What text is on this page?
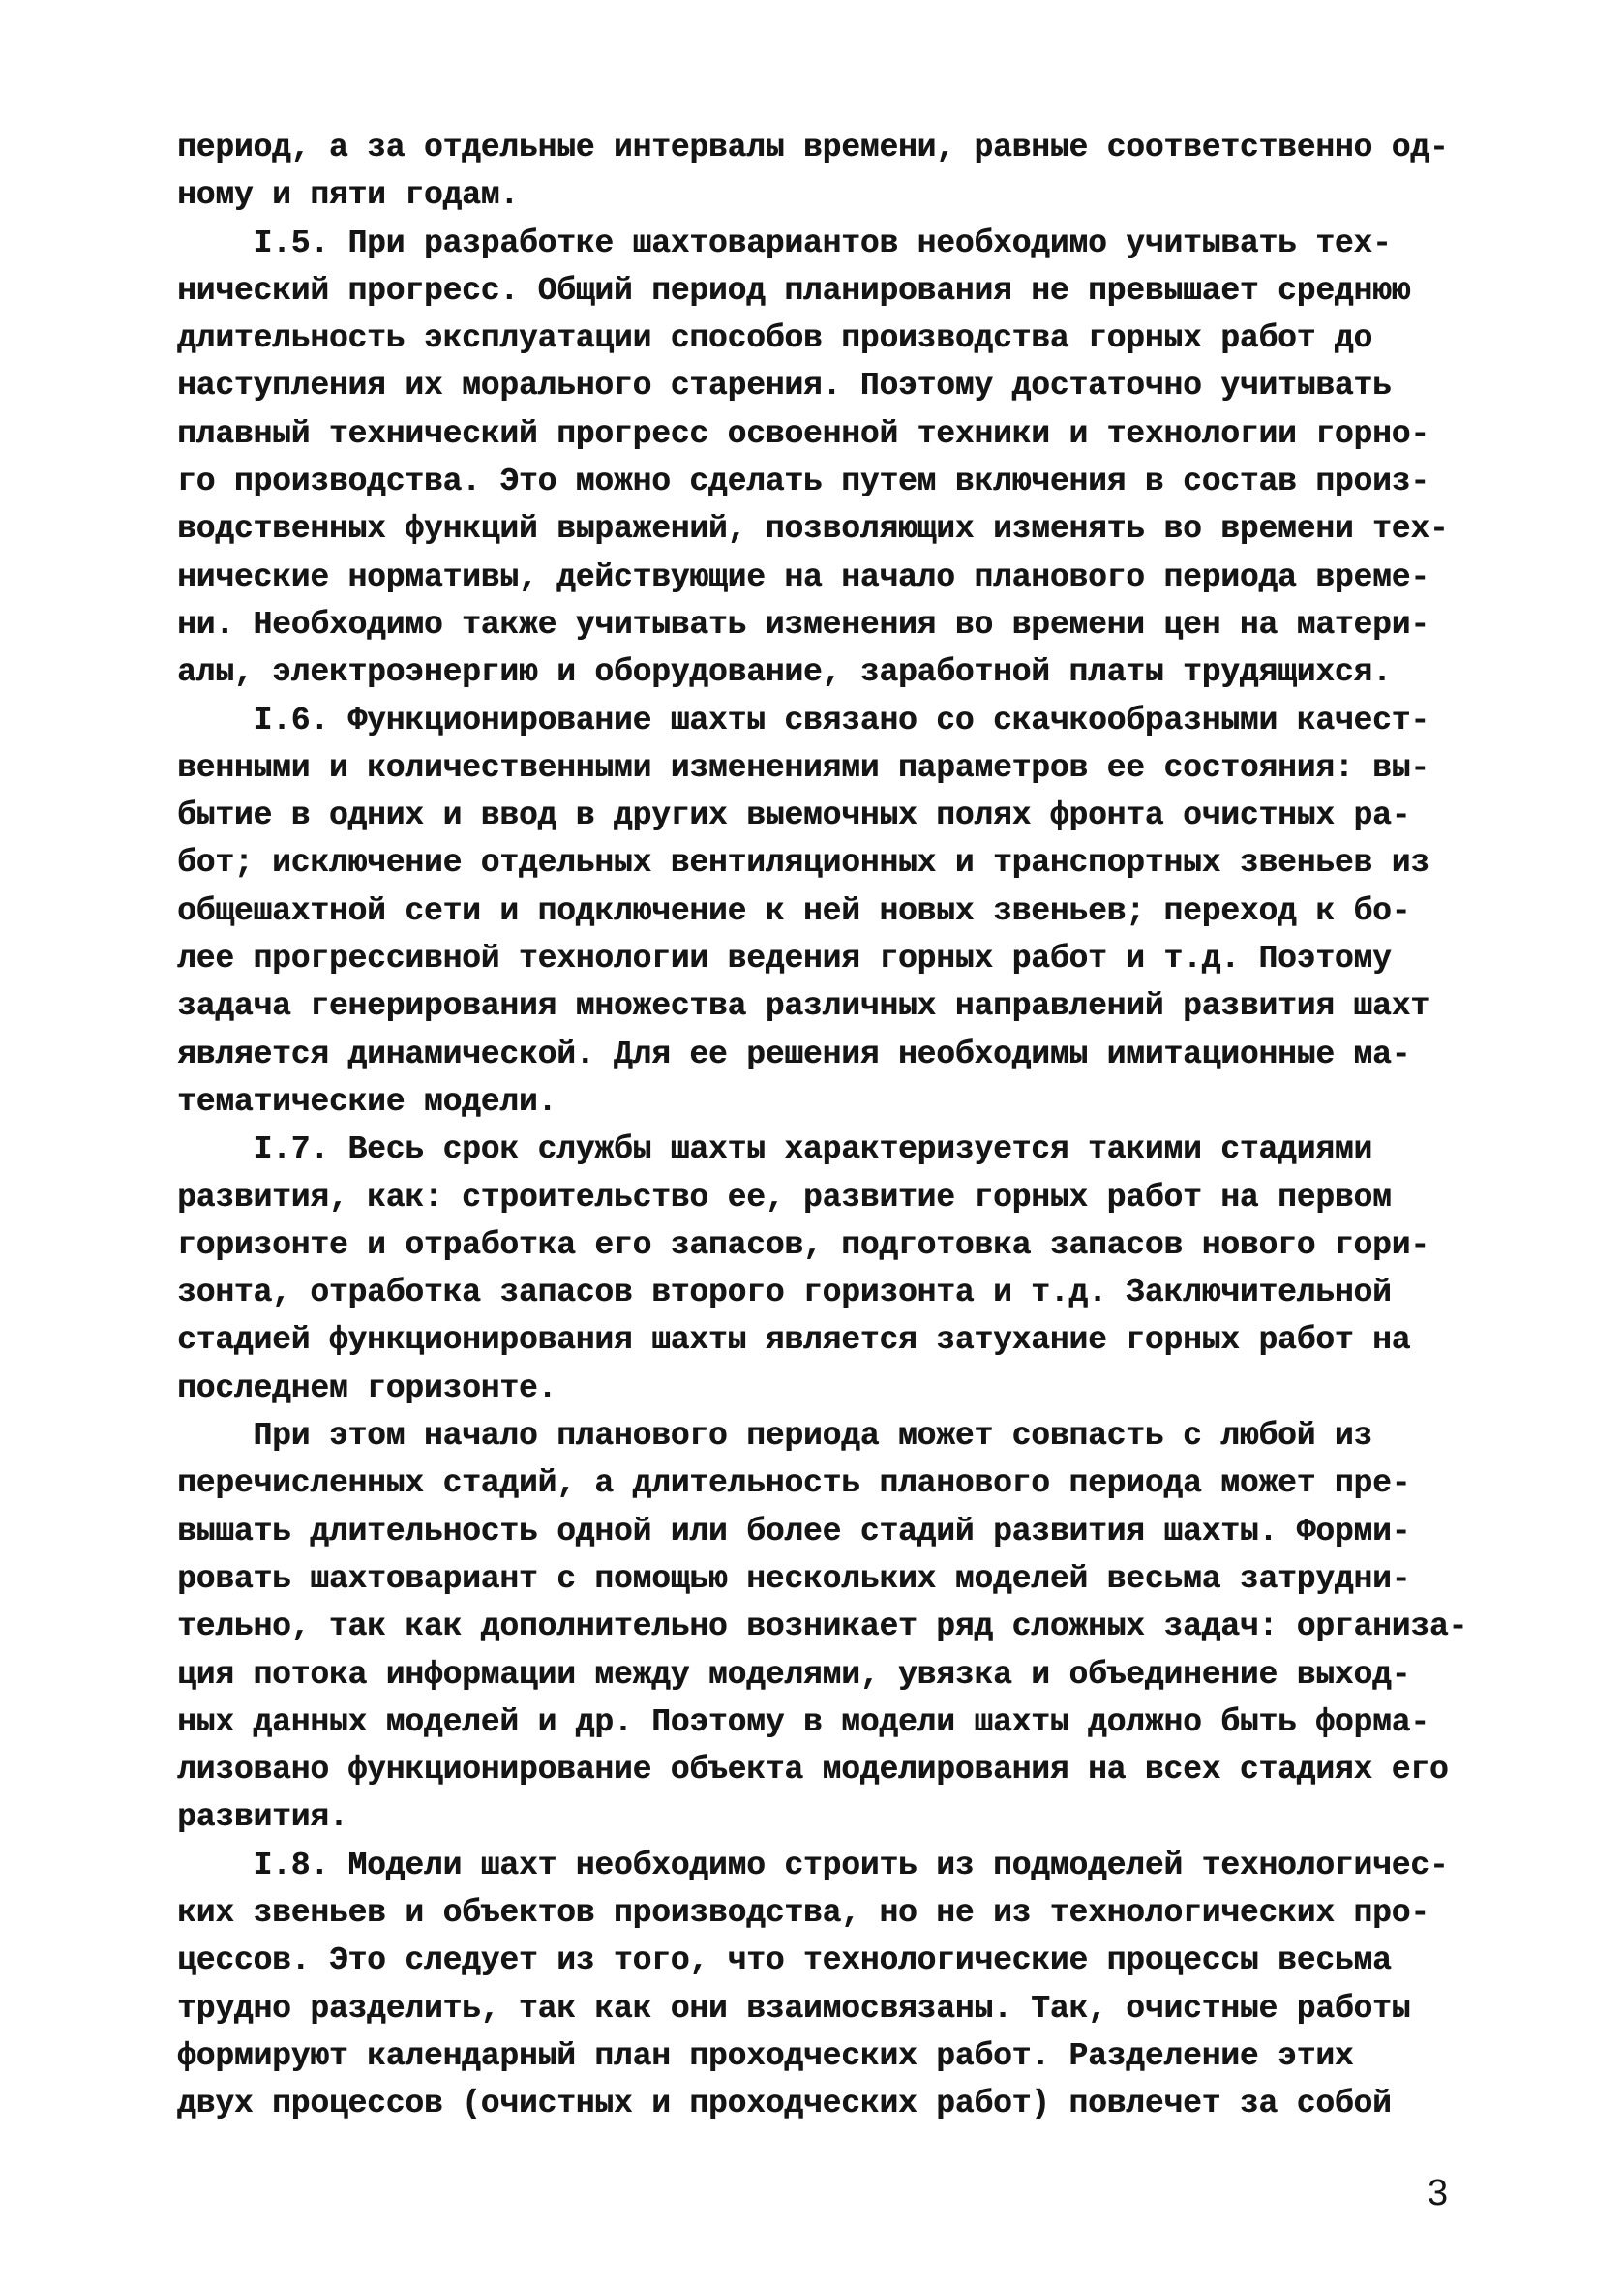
период, а за отдельные интервалы времени, равные соответственно од-
ному и пяти годам.
I.5. При разработке шахтовариантов необходимо учитывать тех-
нический прогресс. Общий период планирования не превышает среднюю
длительность эксплуатации способов производства горных работ до
наступления их морального старения. Поэтому достаточно учитывать
плавный технический прогресс освоенной техники и технологии горно-
го производства. Это можно сделать путем включения в состав произ-
водственных функций выражений, позволяющих изменять во времени тех-
нические нормативы, действующие на начало планового периода време-
ни. Необходимо также учитывать изменения во времени цен на матери-
алы, электроэнергию и оборудование, заработной платы трудящихся.
I.6. Функционирование шахты связано со скачкообразными качест-
венными и количественными изменениями параметров ее состояния: вы-
бытие в одних и ввод в других выемочных полях фронта очистных ра-
бот; исключение отдельных вентиляционных и транспортных звеньев из
общешахтной сети и подключение к ней новых звеньев; переход к бо-
лее прогрессивной технологии ведения горных работ и т.д. Поэтому
задача генерирования множества различных направлений развития шахт
является динамической. Для ее решения необходимы имитационные ма-
тематические модели.
I.7. Весь срок службы шахты характеризуется такими стадиями
развития, как: строительство ее, развитие горных работ на первом
горизонте и отработка его запасов, подготовка запасов нового гори-
зонта, отработка запасов второго горизонта и т.д. Заключительной
стадией функционирования шахты является затухание горных работ на
последнем горизонте.
При этом начало планового периода может совпасть с любой из
перечисленных стадий, а длительность планового периода может пре-
вышать длительность одной или более стадий развития шахты. Форми-
ровать шахтовариант с помощью нескольких моделей весьма затрудни-
тельно, так как дополнительно возникает ряд сложных задач: организа-
ция потока информации между моделями, увязка и объединение выход-
ных данных моделей и др. Поэтому в модели шахты должно быть форма-
лизовано функционирование объекта моделирования на всех стадиях его
развития.
I.8. Модели шахт необходимо строить из подмоделей технологичес-
ких звеньев и объектов производства, но не из технологических про-
цессов. Это следует из того, что технологические процессы весьма
трудно разделить, так как они взаимосвязаны. Так, очистные работы
формируют календарный план проходческих работ. Разделение этих
двух процессов (очистных и проходческих работ) повлечет за собой
3
